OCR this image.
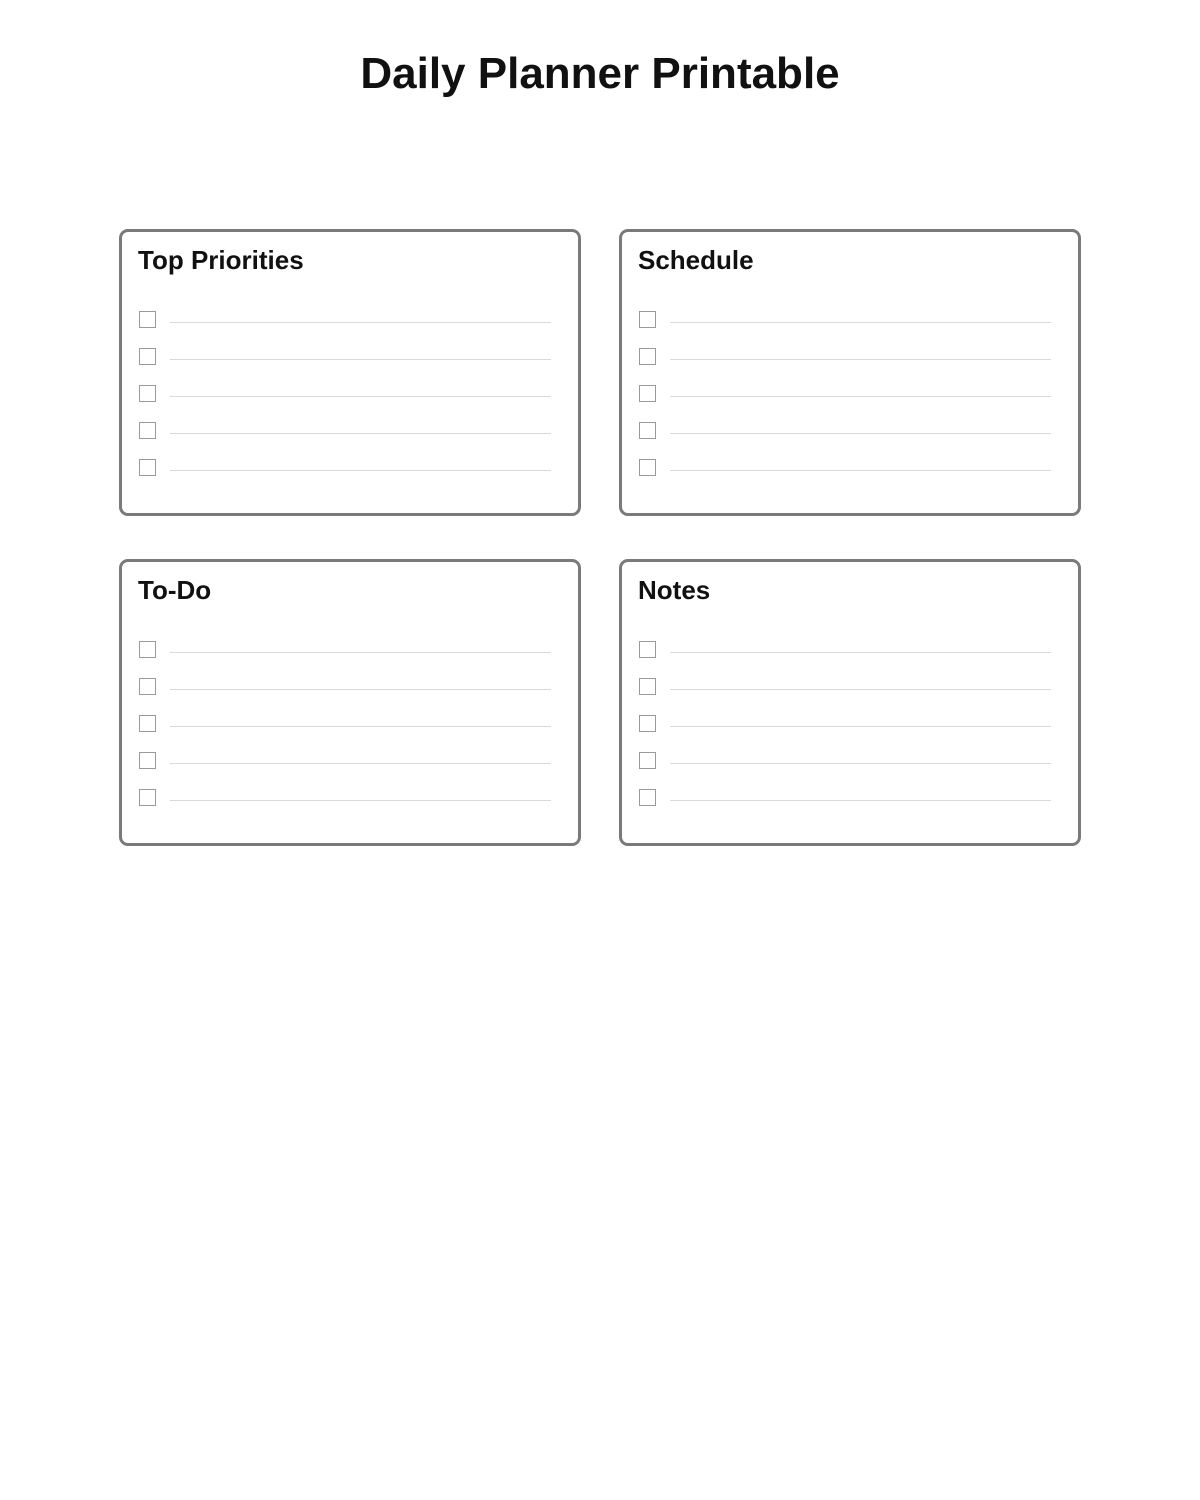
Daily Planner Printable
Top Priorities	Schedule
To-Do	Notes
